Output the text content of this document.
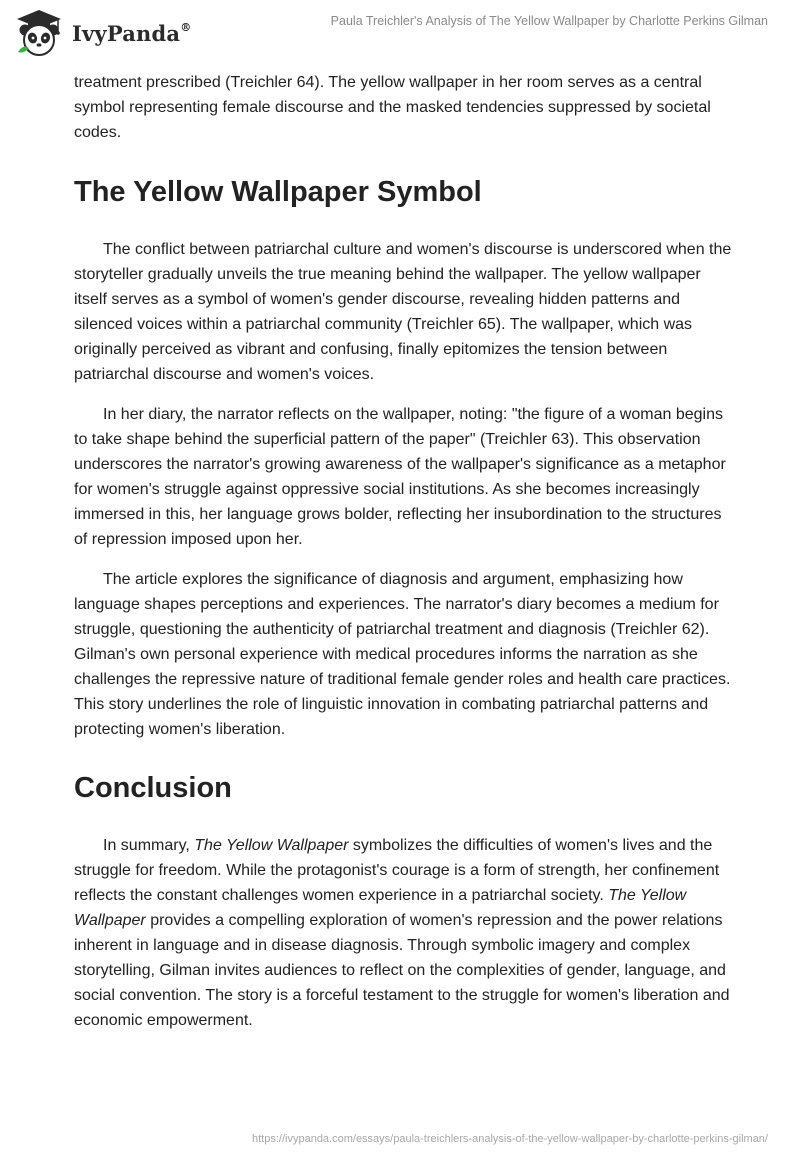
IvyPanda®	Paula Treichler's Analysis of The Yellow Wallpaper by Charlotte Perkins Gilman

treatment prescribed (Treichler 64). The yellow wallpaper in her room serves as a central symbol representing female discourse and the masked tendencies suppressed by societal codes.

The Yellow Wallpaper Symbol

The conflict between patriarchal culture and women's discourse is underscored when the storyteller gradually unveils the true meaning behind the wallpaper. The yellow wallpaper itself serves as a symbol of women's gender discourse, revealing hidden patterns and silenced voices within a patriarchal community (Treichler 65). The wallpaper, which was originally perceived as vibrant and confusing, finally epitomizes the tension between patriarchal discourse and women's voices.

In her diary, the narrator reflects on the wallpaper, noting: "the figure of a woman begins to take shape behind the superficial pattern of the paper" (Treichler 63). This observation underscores the narrator's growing awareness of the wallpaper's significance as a metaphor for women's struggle against oppressive social institutions. As she becomes increasingly immersed in this, her language grows bolder, reflecting her insubordination to the structures of repression imposed upon her.

The article explores the significance of diagnosis and argument, emphasizing how language shapes perceptions and experiences. The narrator's diary becomes a medium for struggle, questioning the authenticity of patriarchal treatment and diagnosis (Treichler 62). Gilman's own personal experience with medical procedures informs the narration as she challenges the repressive nature of traditional female gender roles and health care practices. This story underlines the role of linguistic innovation in combating patriarchal patterns and protecting women's liberation.

Conclusion

In summary, The Yellow Wallpaper symbolizes the difficulties of women's lives and the struggle for freedom. While the protagonist's courage is a form of strength, her confinement reflects the constant challenges women experience in a patriarchal society. The Yellow Wallpaper provides a compelling exploration of women's repression and the power relations inherent in language and in disease diagnosis. Through symbolic imagery and complex storytelling, Gilman invites audiences to reflect on the complexities of gender, language, and social convention. The story is a forceful testament to the struggle for women's liberation and economic empowerment.

https://ivypanda.com/essays/paula-treichlers-analysis-of-the-yellow-wallpaper-by-charlotte-perkins-gilman/
